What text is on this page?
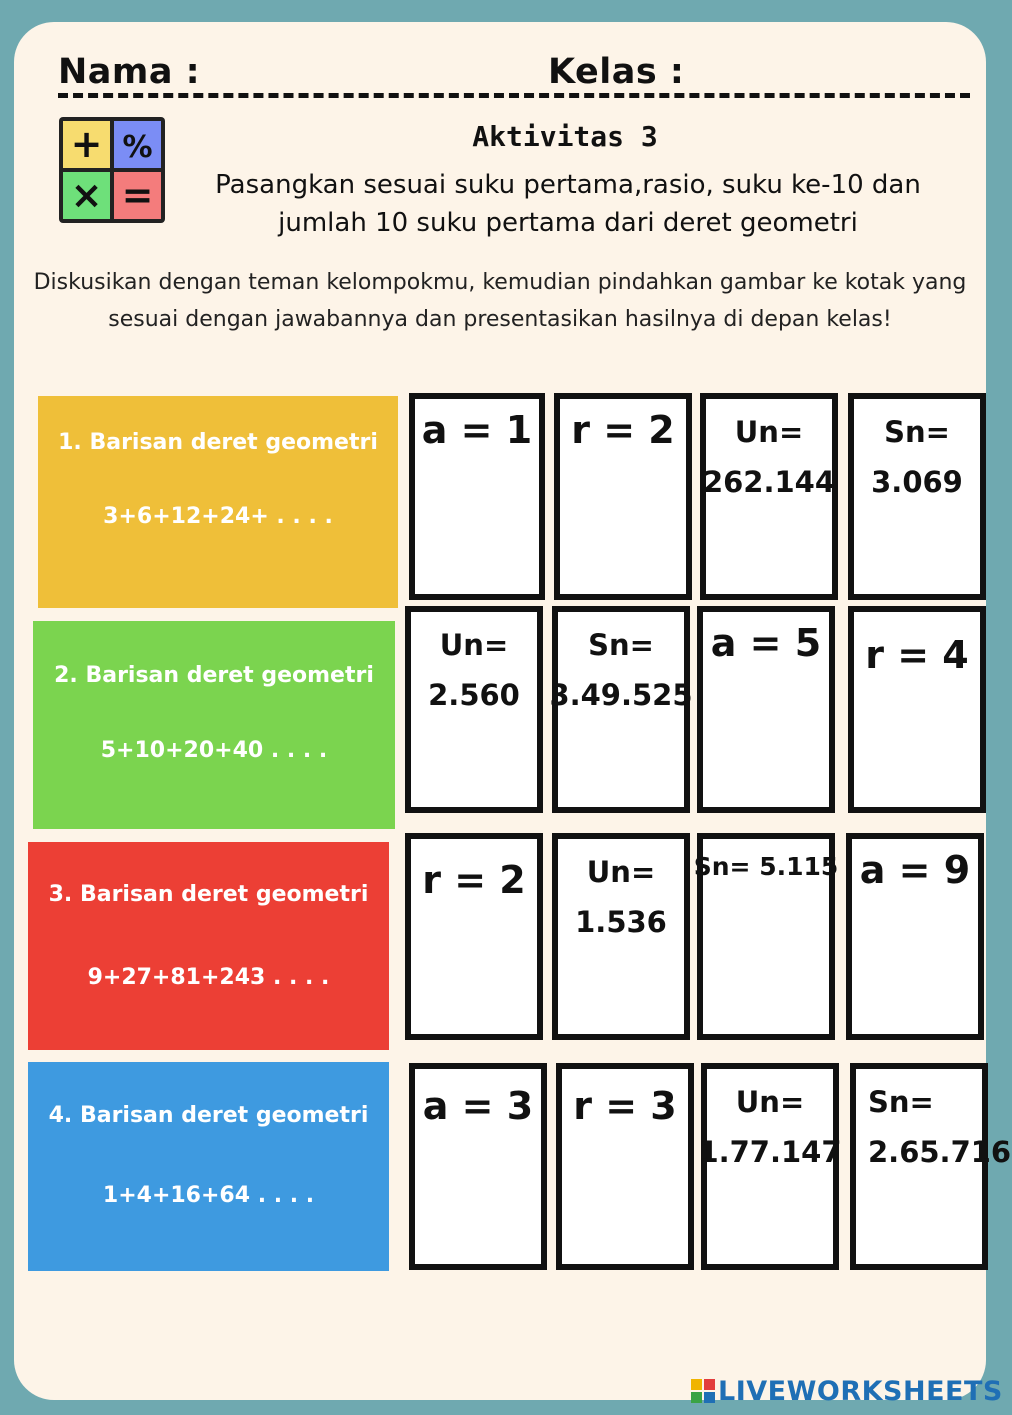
Nama :	Kelas :
+ %
× =
Aktivitas 3
Pasangkan sesuai suku pertama,rasio, suku ke-10 dan jumlah 10 suku pertama dari deret geometri
Diskusikan dengan teman kelompokmu, kemudian pindahkan gambar ke kotak yang sesuai dengan jawabannya dan presentasikan hasilnya di depan kelas!
1. Barisan deret geometri
3+6+12+24+ . . . .
2. Barisan deret geometri
5+10+20+40 . . . .
3. Barisan deret geometri
9+27+81+243 . . . .
4. Barisan deret geometri
1+4+16+64 . . . .
a = 1	r = 2	Un=
262.144
Sn=
3.069
Un=
2.560
Sn=
3.49.525
a = 5	r = 4
r = 2	Un=
1.536
Sn= 5.115 a = 9
a = 3	r = 3	Un=
1.77.147
Sn=
2.65.716
LIVEWORKSHEETS
